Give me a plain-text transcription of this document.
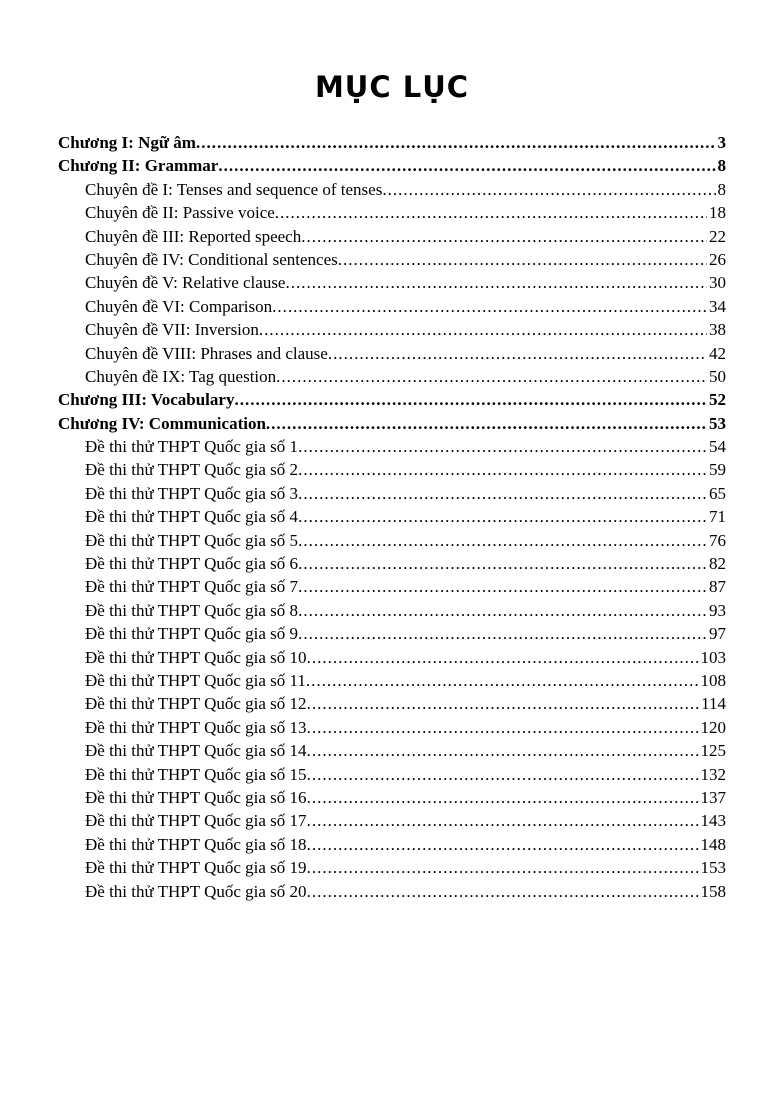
MỤC LỤC
Chương I: Ngữ âm .....	3
Chương II: Grammar .....	8
Chuyên đề I: Tenses and sequence of tenses .....	8
Chuyên đề II: Passive voice .....	18
Chuyên đề III: Reported speech .....	22
Chuyên đề IV: Conditional sentences .....	26
Chuyên đề V: Relative clause .....	30
Chuyên đề VI: Comparison .....	34
Chuyên đề VII: Inversion .....	38
Chuyên đề VIII: Phrases and clause .....	42
Chuyên đề IX: Tag question .....	50
Chương III: Vocabulary .....	52
Chương IV: Communication .....	53
Đề thi thử THPT Quốc gia số 1 .....	54
Đề thi thử THPT Quốc gia số 2 .....	59
Đề thi thử THPT Quốc gia số 3 .....	65
Đề thi thử THPT Quốc gia số 4 .....	71
Đề thi thử THPT Quốc gia số 5 .....	76
Đề thi thử THPT Quốc gia số 6 .....	82
Đề thi thử THPT Quốc gia số 7 .....	87
Đề thi thử THPT Quốc gia số 8 .....	93
Đề thi thử THPT Quốc gia số 9 .....	97
Đề thi thử THPT Quốc gia số 10 .....	103
Đề thi thử THPT Quốc gia số 11 .....	108
Đề thi thử THPT Quốc gia số 12 .....	114
Đề thi thử THPT Quốc gia số 13 .....	120
Đề thi thử THPT Quốc gia số 14 .....	125
Đề thi thử THPT Quốc gia số 15 .....	132
Đề thi thử THPT Quốc gia số 16 .....	137
Đề thi thử THPT Quốc gia số 17 .....	143
Đề thi thử THPT Quốc gia số 18 .....	148
Đề thi thử THPT Quốc gia số 19 .....	153
Đề thi thử THPT Quốc gia số 20 .....	158
